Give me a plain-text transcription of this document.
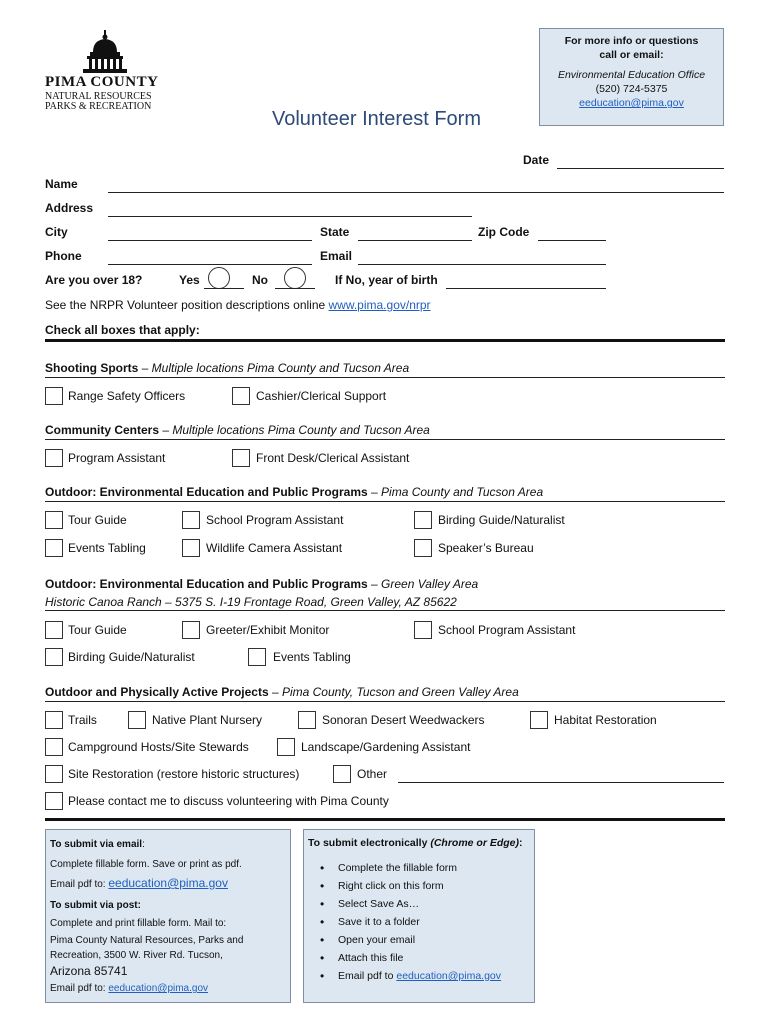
PIMA COUNTY
NATURAL RESOURCES
PARKS & RECREATION
Volunteer Interest Form
For more info or questions
call or email:
Environmental Education Office
(520) 724-5375
eeducation@pima.gov
Date
Name
Address
City	State	Zip Code
Phone	Email
Are you over 18?	Yes	No	If No, year of birth
See the NRPR Volunteer position descriptions online www.pima.gov/nrpr
Check all boxes that apply:
Shooting Sports – Multiple locations Pima County and Tucson Area
Range Safety Officers	Cashier/Clerical Support
Community Centers – Multiple locations Pima County and Tucson Area
Program Assistant	Front Desk/Clerical Assistant
Outdoor: Environmental Education and Public Programs – Pima County and Tucson Area
Tour Guide	School Program Assistant	Birding Guide/Naturalist
Events Tabling	Wildlife Camera Assistant	Speaker’s Bureau
Outdoor: Environmental Education and Public Programs – Green Valley Area
Historic Canoa Ranch – 5375 S. I-19 Frontage Road, Green Valley, AZ 85622
Tour Guide	Greeter/Exhibit Monitor	School Program Assistant
Birding Guide/Naturalist	Events Tabling
Outdoor and Physically Active Projects – Pima County, Tucson and Green Valley Area
Trails	Native Plant Nursery	Sonoran Desert Weedwackers	Habitat Restoration
Campground Hosts/Site Stewards	Landscape/Gardening Assistant
Site Restoration (restore historic structures)	Other
Please contact me to discuss volunteering with Pima County
To submit via email:
Complete fillable form. Save or print as pdf.
Email pdf to: eeducation@pima.gov
To submit via post:
Complete and print fillable form. Mail to:
Pima County Natural Resources, Parks and
Recreation, 3500 W. River Rd. Tucson,
Arizona 85741
Email pdf to: eeducation@pima.gov
To submit electronically (Chrome or Edge):
• Complete the fillable form
• Right click on this form
• Select Save As…
• Save it to a folder
• Open your email
• Attach this file
• Email pdf to eeducation@pima.gov
